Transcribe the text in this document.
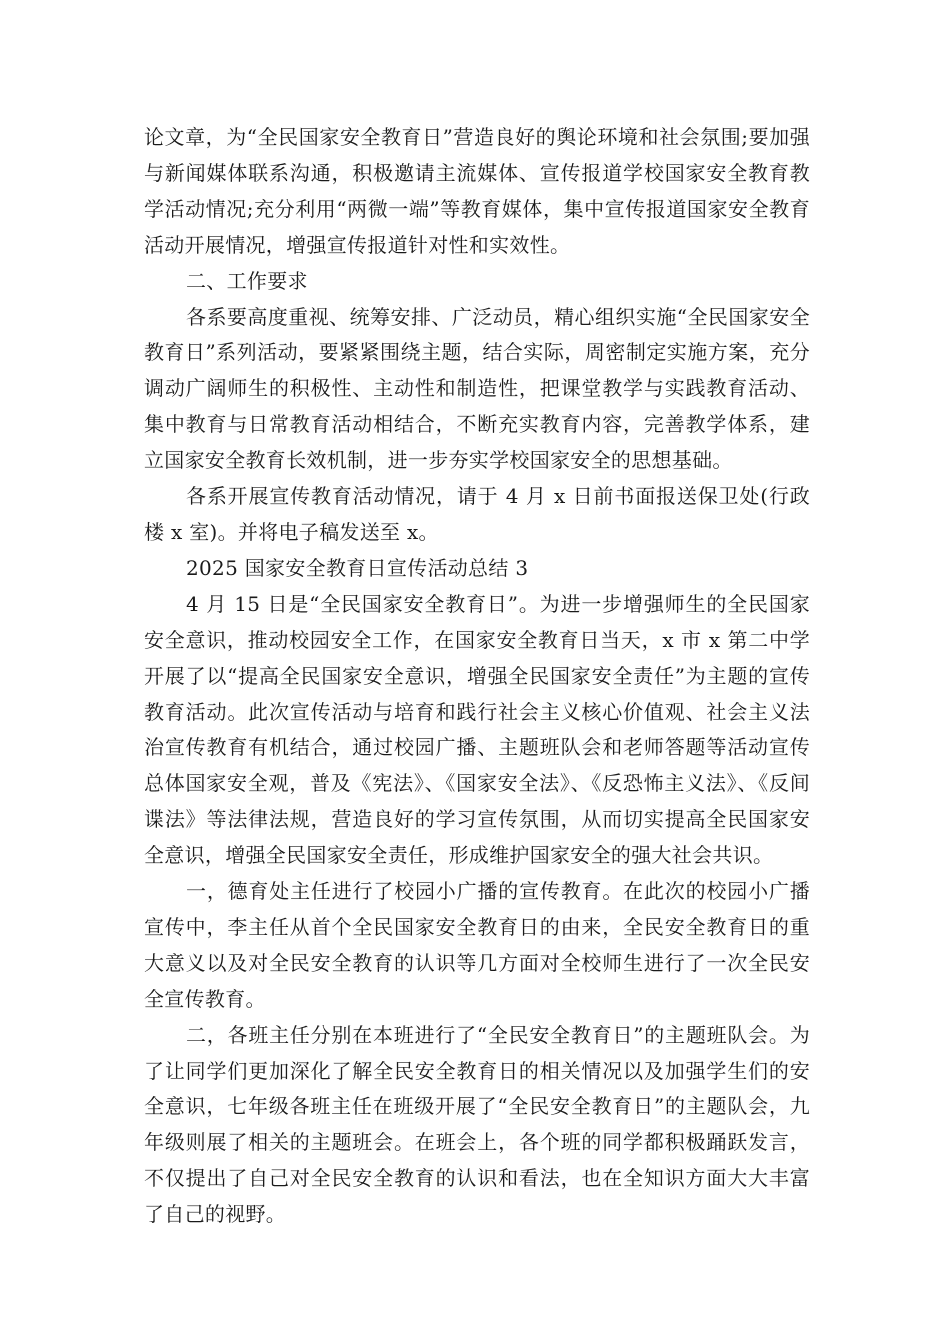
论文章，为“全民国家安全教育日”营造良好的舆论环境和社会氛围;要加强与新闻媒体联系沟通，积极邀请主流媒体、宣传报道学校国家安全教育教学活动情况;充分利用“两微一端”等教育媒体，集中宣传报道国家安全教育活动开展情况，增强宣传报道针对性和实效性。

二、工作要求

各系要高度重视、统筹安排、广泛动员，精心组织实施“全民国家安全教育日”系列活动，要紧紧围绕主题，结合实际，周密制定实施方案，充分调动广阔师生的积极性、主动性和制造性，把课堂教学与实践教育活动、集中教育与日常教育活动相结合，不断充实教育内容，完善教学体系，建立国家安全教育长效机制，进一步夯实学校国家安全的思想基础。

各系开展宣传教育活动情况，请于 4 月 x 日前书面报送保卫处(行政楼 x 室)。并将电子稿发送至 x。

2025 国家安全教育日宣传活动总结 3

4 月 15 日是“全民国家安全教育日”。为进一步增强师生的全民国家安全意识，推动校园安全工作，在国家安全教育日当天，x 市 x 第二中学开展了以“提高全民国家安全意识，增强全民国家安全责任”为主题的宣传教育活动。此次宣传活动与培育和践行社会主义核心价值观、社会主义法治宣传教育有机结合，通过校园广播、主题班队会和老师答题等活动宣传总体国家安全观，普及《宪法》、《国家安全法》、《反恐怖主义法》、《反间谍法》等法律法规，营造良好的学习宣传氛围，从而切实提高全民国家安全意识，增强全民国家安全责任，形成维护国家安全的强大社会共识。

一，德育处主任进行了校园小广播的宣传教育。在此次的校园小广播宣传中，李主任从首个全民国家安全教育日的由来，全民安全教育日的重大意义以及对全民安全教育的认识等几方面对全校师生进行了一次全民安全宣传教育。

二，各班主任分别在本班进行了“全民安全教育日”的主题班队会。为了让同学们更加深化了解全民安全教育日的相关情况以及加强学生们的安全意识，七年级各班主任在班级开展了“全民安全教育日”的主题队会，九年级则展了相关的主题班会。在班会上，各个班的同学都积极踊跃发言，不仅提出了自己对全民安全教育的认识和看法，也在全知识方面大大丰富了自己的视野。
